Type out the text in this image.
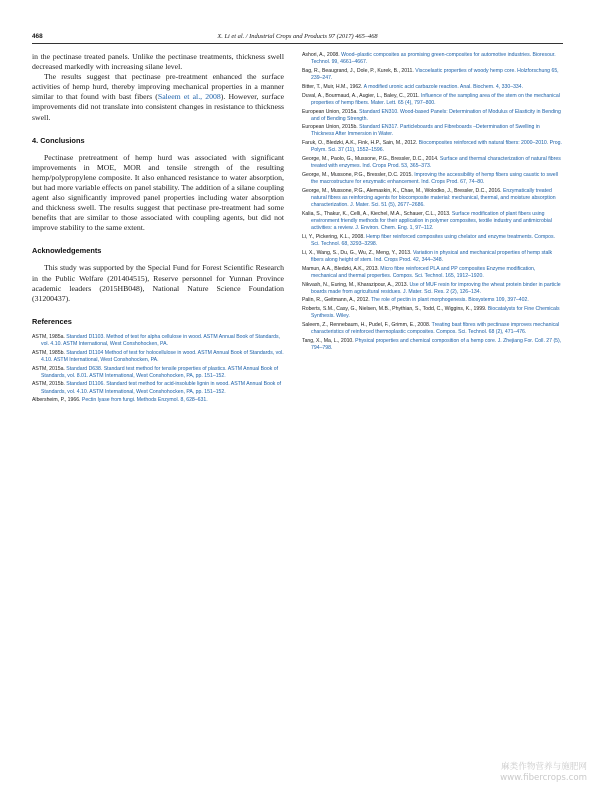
468	X. Li et al. / Industrial Crops and Products 97 (2017) 465–468

in the pectinase treated panels. Unlike the pectinase treatments, thickness swell decreased markedly with increasing silane level.

The results suggest that pectinase pre-treatment enhanced the surface activities of hemp hurd, thereby improving mechanical properties in a manner similar to that found with bast fibers (Saleem et al., 2008). However, surface improvements did not translate into consistent changes in resistance to thickness swell.

4. Conclusions

Pectinase pretreatment of hemp hurd was associated with significant improvements in MOE, MOR and tensile strength of the resulting hemp/polypropylene composite. It also enhanced resistance to water absorption, but had more variable effects on panel stability. The addition of a silane coupling agent also significantly improved panel properties including water absorption and thickness swell. The results suggest that pectinase pre-treatment had some benefits that are similar to those associated with coupling agents, but did not improve stability to the same extent.

Acknowledgements

This study was supported by the Special Fund for Forest Scientific Research in the Public Welfare (201404515), Reserve personnel for Yunnan Province academic leaders (2015HB048), National Nature Science Foundation (31200437).

References
ASTM, 1985a. Standard D1103. Method of test for alpha cellulose in wood. ASTM Annual Book of Standards, vol. 4.10. ASTM International, West Conshohocken, PA.
ASTM, 1985b. Standard D1104 Method of test for holocellulose in wood. ASTM Annual Book of Standards, vol. 4.10. ASTM International, West Conshohocken, PA.
ASTM, 2015a. Standard D638. Standard test method for tensile properties of plastics. ASTM Annual Book of Standards, vol. 8.01. ASTM International, West Conshohocken, PA, pp. 151–152.
ASTM, 2015b. Standard D1106. Standard test method for acid-insoluble lignin in wood. ASTM Annual Book of Standards, vol. 4.10. ASTM International, West Conshohocken, PA, pp. 151–152.
Albersheim, P., 1966. Pectin lyase from fungi. Methods Enzymol. 8, 628–631.
Ashori, A., 2008. Wood–plastic composites as promising green-composites for automotive industries. Bioresour. Technol. 99, 4661–4667.
Bag, R., Beaugrand, J., Dole, P., Kurek, B., 2011. Viscoelastic properties of woody hemp core. Holzforschung 65, 239–247.
Bitter, T., Muir, H.M., 1962. A modified uronic acid carbazole reaction. Anal. Biochem. 4, 330–334.
Duval, A., Bourmaud, A., Augier, L., Baley, C., 2011. Influence of the sampling area of the stem on the mechanical properties of hemp fibers. Mater. Lett. 65 (4), 797–800.
European Union, 2015a. Standard EN310. Wood-based Panels: Determination of Modulus of Elasticity in Bending and of Bending Strength.
European Union, 2015b. Standard EN317. Particleboards and Fibreboards –Determination of Swelling in Thickness After Immersion in Water.
Faruk, O., Bledzki, A.K., Fink, H.P., Sain, M., 2012. Biocomposites reinforced with natural fibers: 2000–2010. Prog. Polym. Sci. 37 (11), 1552–1596.
George, M., Paolo, G., Mussone, P.G., Bressler, D.C., 2014. Surface and thermal characterization of natural fibres treated with enzymes. Ind. Crops Prod. 53, 365–373.
George, M., Mussone, P.G., Bressler, D.C. 2015. Improving the accessibility of hemp fibers using caustic to swell the macrostructure for enzymatic enhancement. Ind. Crops Prod. 67, 74–80.
George, M., Mussone, P.G., Alemaskin, K., Chae, M., Wolodko, J., Bressler, D.C., 2016. Enzymatically treated natural fibres as reinforcing agents for biocomposite material: mechanical, thermal, and moisture absorption characterization. J. Mater. Sci. 51 (5), 2677–2686.
Kalia, S., Thakur, K., Celli, A., Kiechel, M.A., Schauer, C.L., 2013. Surface modification of plant fibers using environment friendly methods for their application in polymer composites, textile industry and antimicrobial activities: a review. J. Environ. Chem. Eng. 1, 97–112.
Li, Y., Pickering, K.L., 2008. Hemp fiber reinforced composites using chelator and enzyme treatments. Compos. Sci. Technol. 68, 3293–3298.
Li, X., Wang, S., Du, G., Wu, Z., Meng, Y., 2013. Variation in physical and mechanical properties of hemp stalk fibers along height of stem. Ind. Crops Prod. 42, 344–348.
Mamun, A.A., Bledzki, A.K., 2013. Micro fibre reinforced PLA and PP composites Enzyme modification, mechanical and thermal properties. Compos. Sci. Technol. 165, 1912–1920.
Nikvash, N., Euring, M., Kharazipour, A., 2013. Use of MUF resin for improving the wheat protein binder in particle boards made from agricultural residues. J. Mater. Sci. Res. 2 (2), 126–134.
Palin, R., Geitmann, A., 2012. The role of pectin in plant morphogenesis. Biosystems 109, 397–402.
Roberts, S.M., Casy, G., Nielsen, M.B., Phythian, S., Todd, C., Wiggins, K., 1999. Biocatalysts for Fine Chemicals Synthesis. Wiley.
Saleem, Z., Rennebaum, H., Pudel, F., Grimm, E., 2008. Treating bast fibres with pectinase improves mechanical characteristics of reinforced thermoplastic composites. Compos. Sci. Technol. 68 (2), 471–476.
Tang, X., Ma, L., 2010. Physical properties and chemical composition of a hemp core. J. Zhejiang For. Coll. 27 (5), 794–798.
麻类作物营养与施肥网
www.fibercrops.com
